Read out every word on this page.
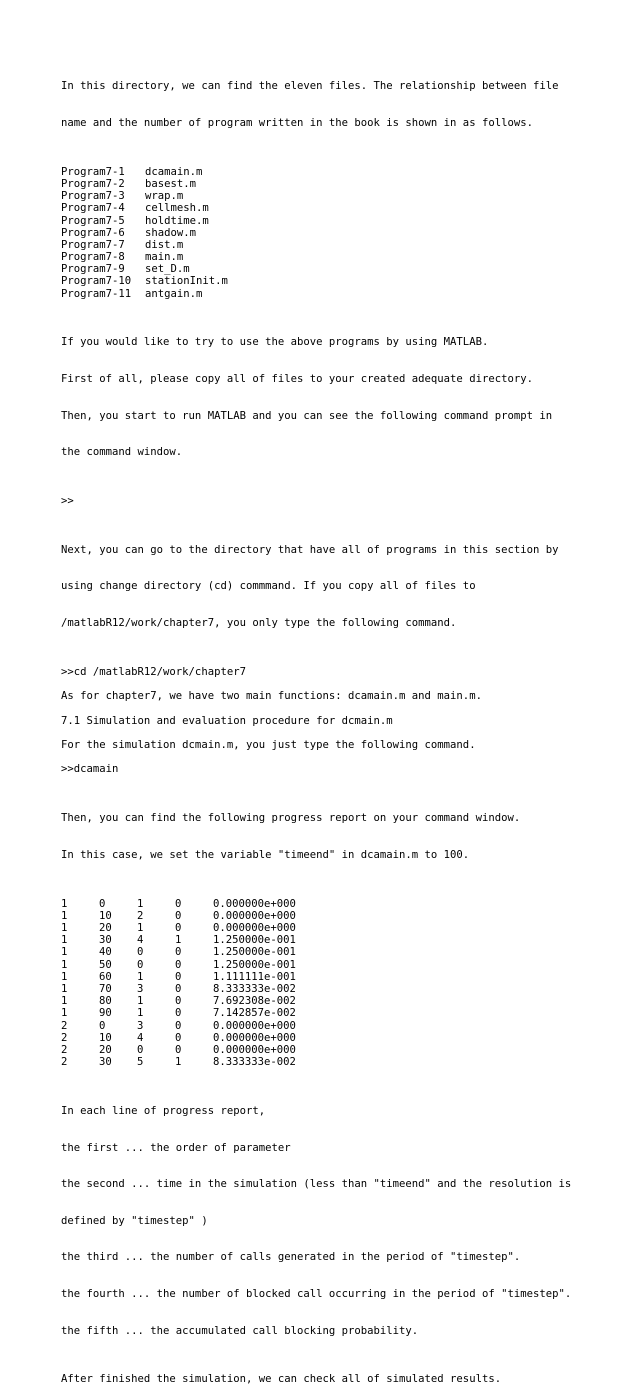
In this directory, we can find the eleven files. The relationship between file

name and the number of program written in the book is shown in as follows.

Program7-1 dcamain.m
Program7-2 basest.m
Program7-3 wrap.m
Program7-4 cellmesh.m
Program7-5 holdtime.m
Program7-6 shadow.m
Program7-7 dist.m
Program7-8 main.m
Program7-9 set_D.m
Program7-10 stationInit.m
Program7-11 antgain.m

If you would like to try to use the above programs by using MATLAB.

First of all, please copy all of files to your created adequate directory.

Then, you start to run MATLAB and you can see the following command prompt in

the command window.

>>

Next, you can go to the directory that have all of programs in this section by

using change directory (cd) commmand. If you copy all of files to

/matlabR12/work/chapter7, you only type the following command.

>>cd /matlabR12/work/chapter7
As for chapter7, we have two main functions: dcamain.m and main.m.
7.1 Simulation and evaluation procedure for dcmain.m
For the simulation dcmain.m, you just type the following command.
>>dcamain

Then, you can find the following progress report on your command window.

In this case, we set the variable "timeend" in dcamain.m to 100.

1	0	1	0	0.000000e+000
1	10	2	0	0.000000e+000
1	20	1	0	0.000000e+000
1	30	4	1	1.250000e-001
1	40	0	0	1.250000e-001
1	50	0	0	1.250000e-001
1	60	1	0	1.111111e-001
1	70	3	0	8.333333e-002
1	80	1	0	7.692308e-002
1	90	1	0	7.142857e-002
2	0	3	0	0.000000e+000
2	10	4	0	0.000000e+000
2	20	0	0	0.000000e+000
2	30	5	1	8.333333e-002

In each line of progress report,

the first ... the order of parameter

the second ... time in the simulation (less than "timeend" and the resolution is

defined by "timestep" )

the third ... the number of calls generated in the period of "timestep".

the fourth ... the number of blocked call occurring in the period of "timestep".

the fifth ... the accumulated call blocking probability.

After finished the simulation, we can check all of simulated results.
